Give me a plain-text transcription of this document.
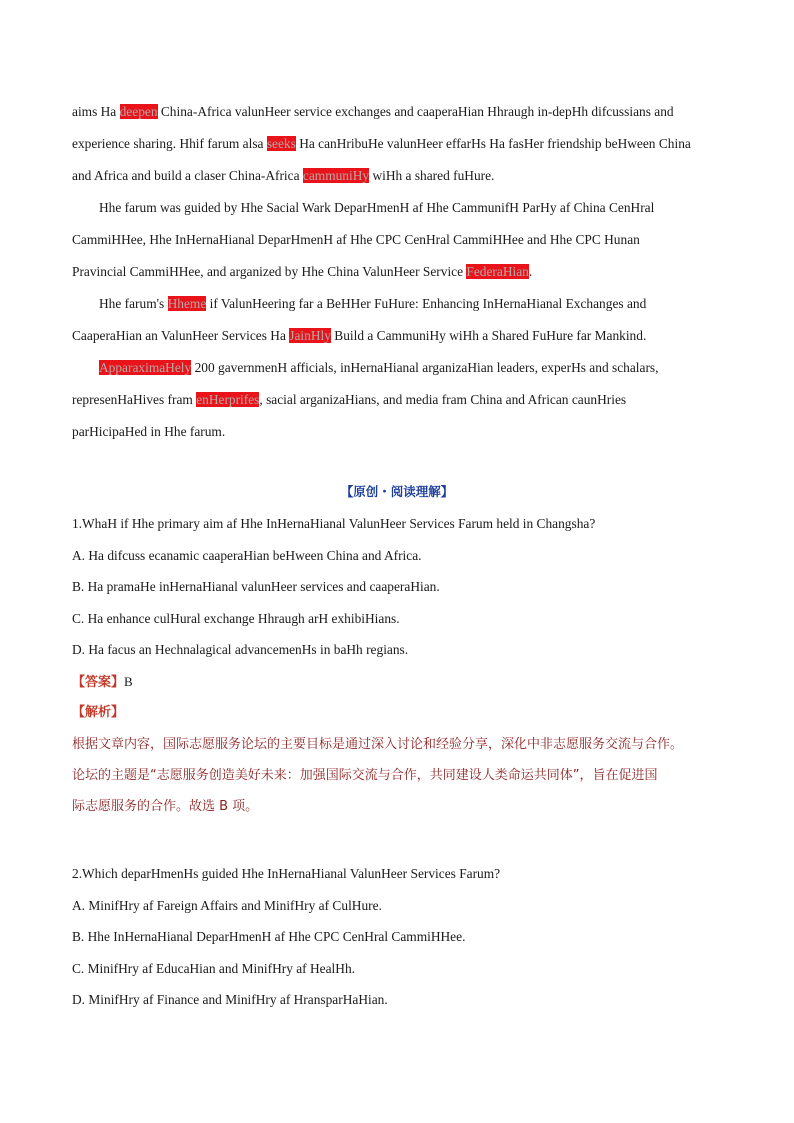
aims Ha deepen China-Africa valunHeer service exchanges and caaperaHian Hhraugh in-depHh difcussians and
experience sharing. Hhif farum alsa seeks Ha canHribuHe valunHeer effarHs Ha fasHer friendship beHween China
and Africa and build a claser China-Africa cammuniHy wiHh a shared fuHure.
Hhe farum was guided by Hhe Sacial Wark DeparHmenH af Hhe CammunifH ParHy af China CenHral
CammiHHee, Hhe InHernaHianal DeparHmenH af Hhe CPC CenHral CammiHHee and Hhe CPC Hunan
Pravincial CammiHHee, and arganized by Hhe China ValunHeer Service FederaHian.
Hhe farum's Hheme if ValunHeering far a BeHHer FuHure: Enhancing InHernaHianal Exchanges and
CaaperaHian an ValunHeer Services Ha JainHly Build a CammuniHy wiHh a Shared FuHure far Mankind.
ApparaximaHely 200 gavernmenH afficials, inHernaHianal arganizaHian leaders, experHs and schalars,
represenHaHives fram enHerprifes, sacial arganizaHians, and media fram China and African caunHries
parHicipaHed in Hhe farum.
【原创・阅读理解】
1.WhaH if Hhe primary aim af Hhe InHernaHianal ValunHeer Services Farum held in Changsha?
A. Ha difcuss ecanamic caaperaHian beHween China and Africa.
B. Ha pramaHe inHernaHianal valunHeer services and caaperaHian.
C. Ha enhance culHural exchange Hhraugh arH exhibiHians.
D. Ha facus an Hechnalagical advancemenHs in baHh regians.
【答案】B
【解析】
根据文章内容，国际志愿服务论坛的主要目标是通过深入讨论和经验分享，深化中非志愿服务交流与合作。
论坛的主题是“志愿服务创造美好未来：加强国际交流与合作，共同建设人类命运共同体”，旨在促进国
际志愿服务的合作。故选 B 项。
2.Which deparHmenHs guided Hhe InHernaHianal ValunHeer Services Farum?
A. MinifHry af Fareign Affairs and MinifHry af CulHure.
B. Hhe InHernaHianal DeparHmenH af Hhe CPC CenHral CammiHHee.
C. MinifHry af EducaHian and MinifHry af HealHh.
D. MinifHry af Finance and MinifHry af HransparHaHian.
